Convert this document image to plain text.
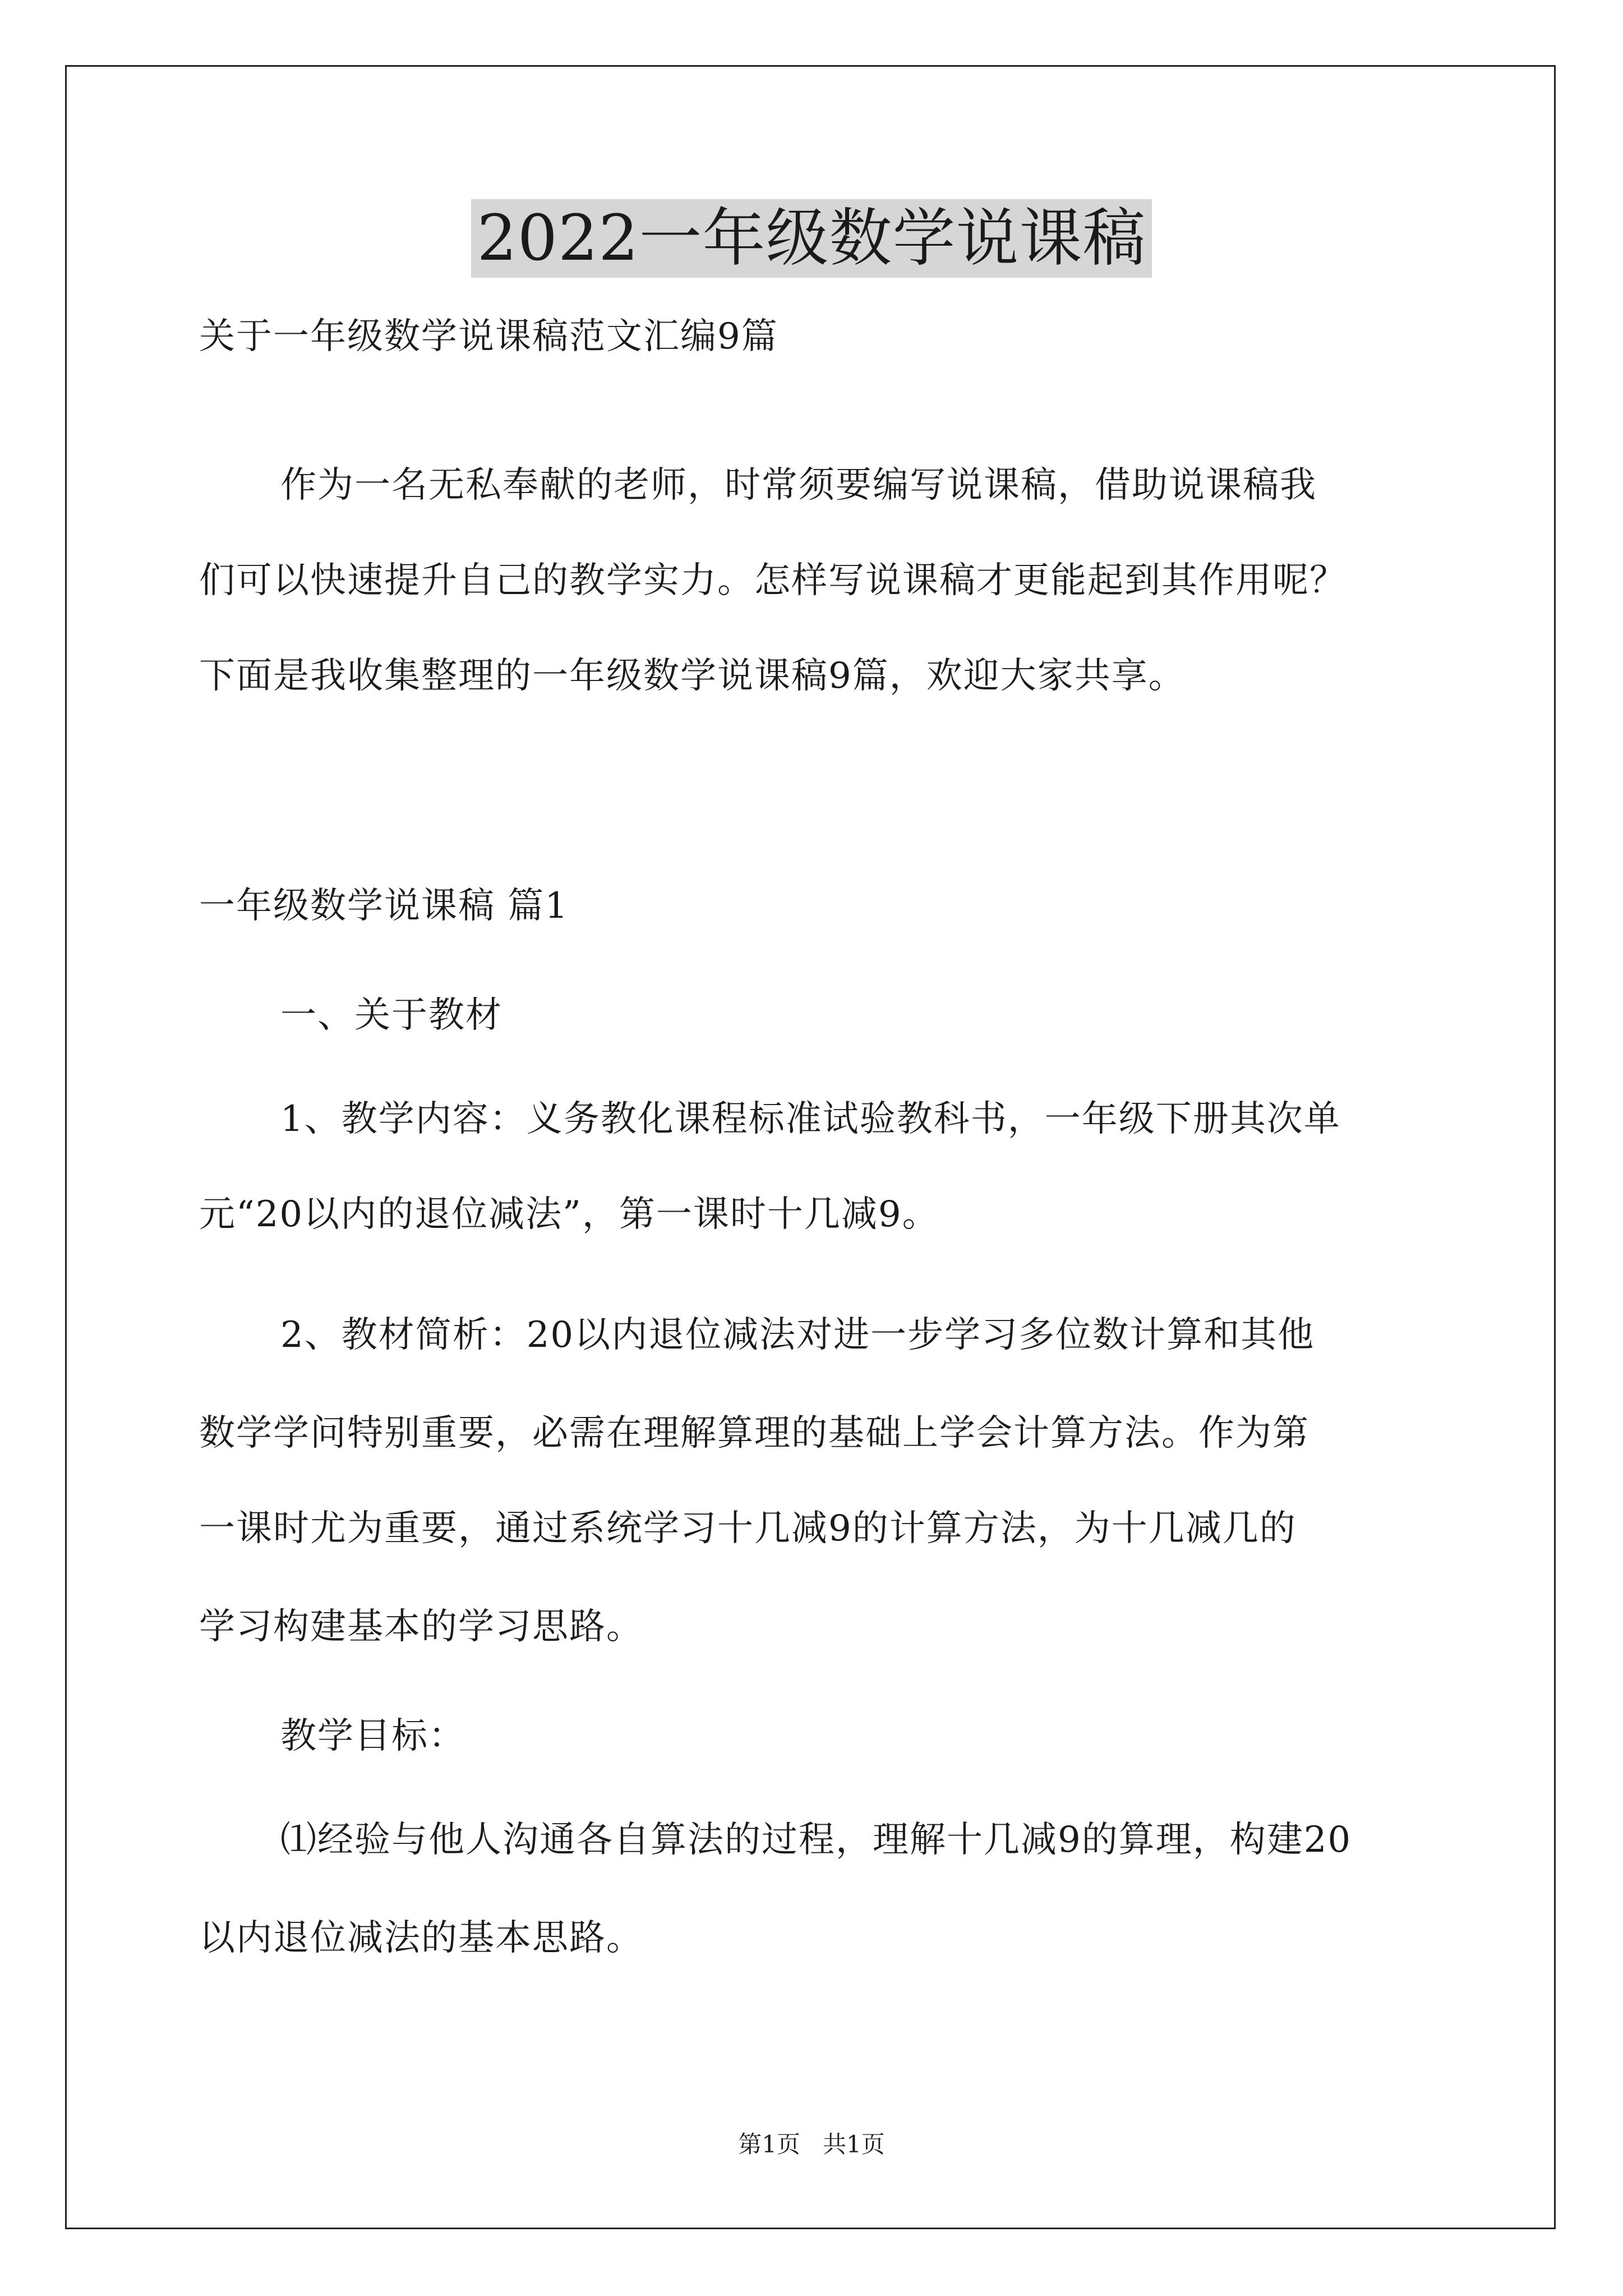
2022一年级数学说课稿
关于一年级数学说课稿范文汇编9篇
作为一名无私奉献的老师，时常须要编写说课稿，借助说课稿我
们可以快速提升自己的教学实力。怎样写说课稿才更能起到其作用呢？
下面是我收集整理的一年级数学说课稿9篇，欢迎大家共享。
一年级数学说课稿 篇1
一、关于教材
1、教学内容：义务教化课程标准试验教科书，一年级下册其次单
元“20以内的退位减法”，第一课时十几减9。
2、教材简析：20以内退位减法对进一步学习多位数计算和其他
数学学问特别重要，必需在理解算理的基础上学会计算方法。作为第
一课时尤为重要，通过系统学习十几减9的计算方法，为十几减几的
学习构建基本的学习思路。
教学目标：
⑴经验与他人沟通各自算法的过程，理解十几减9的算理，构建20
以内退位减法的基本思路。
第1页   共1页
